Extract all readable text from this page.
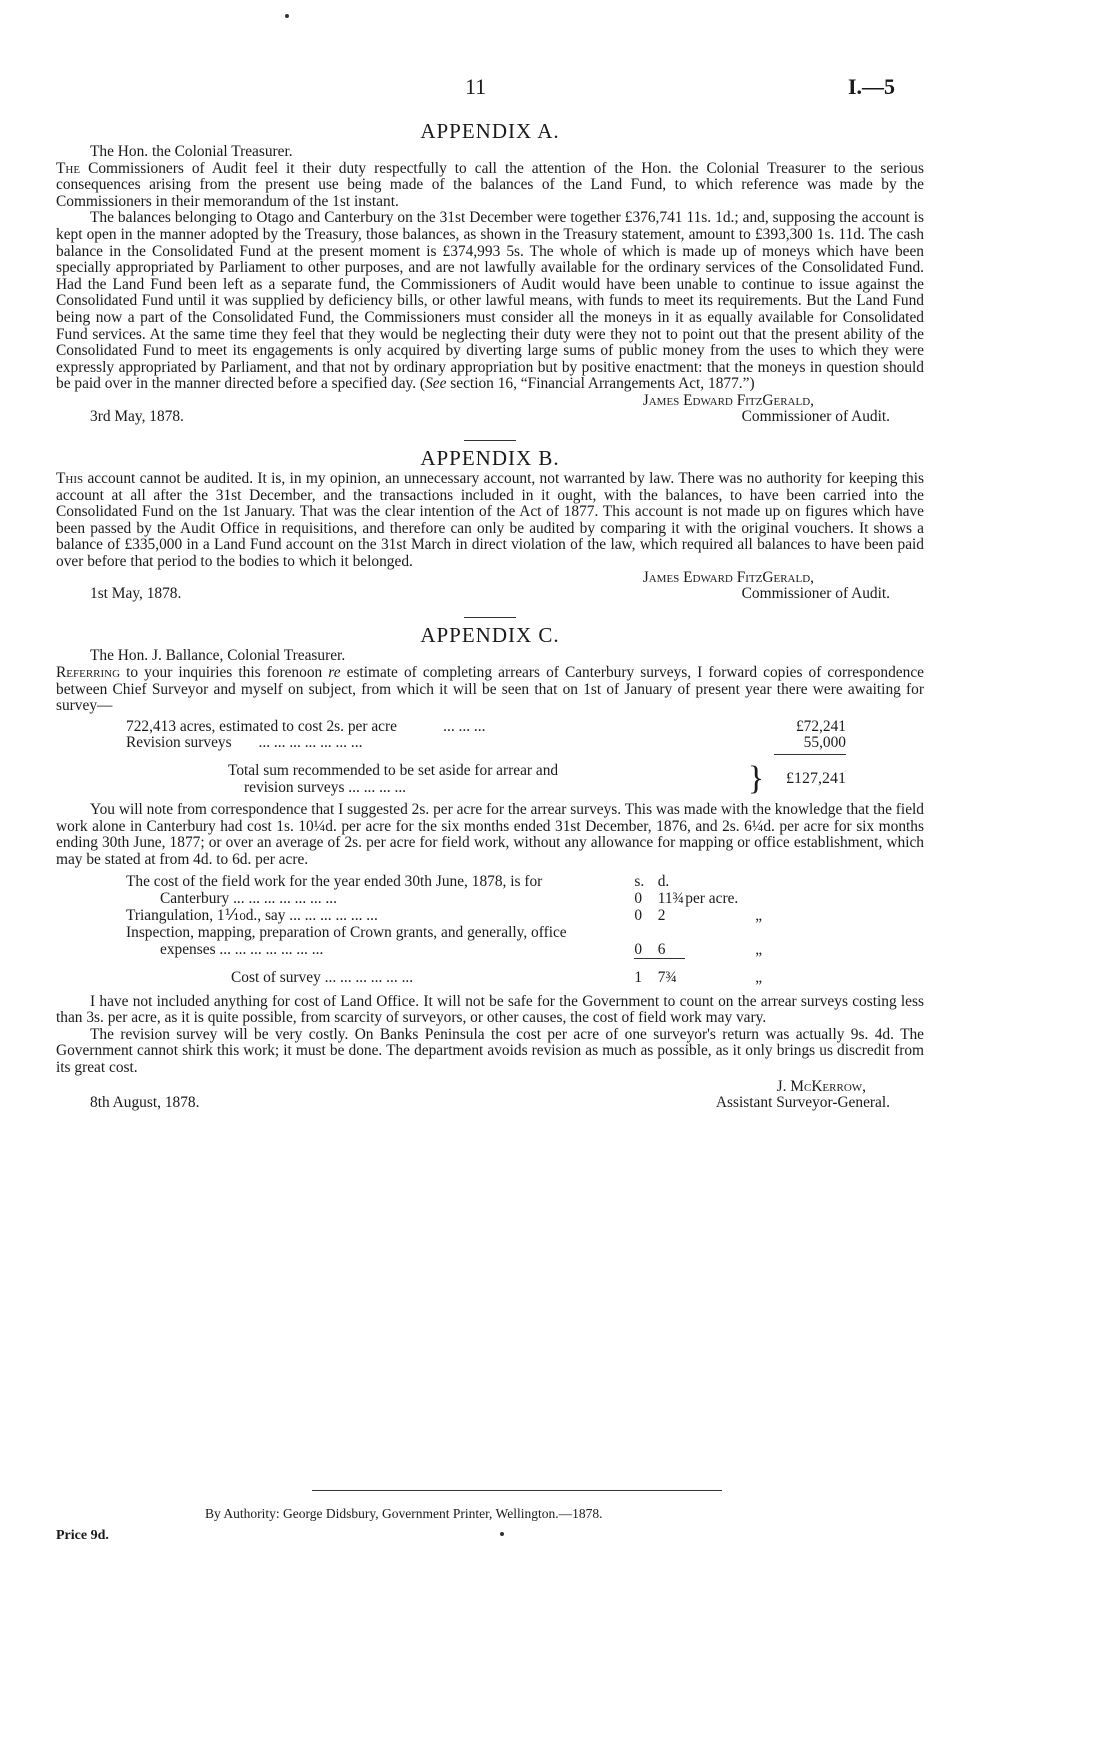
11	I.—5
APPENDIX A.

The Hon. the Colonial Treasurer.

The Commissioners of Audit feel it their duty respectfully to call the attention of the Hon. the Colonial Treasurer to the serious consequences arising from the present use being made of the balances of the Land Fund, to which reference was made by the Commissioners in their memorandum of the 1st instant.

The balances belonging to Otago and Canterbury on the 31st December were together £376,741 11s. 1d.; and, supposing the account is kept open in the manner adopted by the Treasury, those balances, as shown in the Treasury statement, amount to £393,300 1s. 11d. The cash balance in the Consolidated Fund at the present moment is £374,993 5s. The whole of which is made up of moneys which have been specially appropriated by Parliament to other purposes, and are not lawfully available for the ordinary services of the Consolidated Fund. Had the Land Fund been left as a separate fund, the Commissioners of Audit would have been unable to continue to issue against the Consolidated Fund until it was supplied by deficiency bills, or other lawful means, with funds to meet its requirements. But the Land Fund being now a part of the Consolidated Fund, the Commissioners must consider all the moneys in it as equally available for Consolidated Fund services. At the same time they feel that they would be neglecting their duty were they not to point out that the present ability of the Consolidated Fund to meet its engagements is only acquired by diverting large sums of public money from the uses to which they were expressly appropriated by Parliament, and that not by ordinary appropriation but by positive enactment: that the moneys in question should be paid over in the manner directed before a specified day. (See section 16, “Financial Arrangements Act, 1877.”)

James Edward FitzGerald,
3rd May, 1878.	Commissioner of Audit.
APPENDIX B.

This account cannot be audited. It is, in my opinion, an unnecessary account, not warranted by law. There was no authority for keeping this account at all after the 31st December, and the transactions included in it ought, with the balances, to have been carried into the Consolidated Fund on the 1st January. That was the clear intention of the Act of 1877. This account is not made up on figures which have been passed by the Audit Office in requisitions, and therefore can only be audited by comparing it with the original vouchers. It shows a balance of £335,000 in a Land Fund account on the 31st March in direct violation of the law, which required all balances to have been paid over before that period to the bodies to which it belonged.

James Edward FitzGerald,
1st May, 1878.	Commissioner of Audit.
APPENDIX C.

The Hon. J. Ballance, Colonial Treasurer.

Referring to your inquiries this forenoon re estimate of completing arrears of Canterbury surveys, I forward copies of correspondence between Chief Surveyor and myself on subject, from which it will be seen that on 1st of January of present year there were awaiting for survey—

722,413 acres, estimated to cost 2s. per acre	... ... ...	£72,241
Revision surveys ... ... ... ... ... ... ...	55,000
Total sum recommended to be set aside for arrear and
revision surveys ... ... ... ...	}	£127,241

You will note from correspondence that I suggested 2s. per acre for the arrear surveys. This was made with the knowledge that the field work alone in Canterbury had cost 1s. 10¼d. per acre for the six months ended 31st December, 1876, and 2s. 6¼d. per acre for six months ending 30th June, 1877; or over an average of 2s. per acre for field work, without any allowance for mapping or office establishment, which may be stated at from 4d. to 6d. per acre.

The cost of the field work for the year ended 30th June, 1878, is for	s.	d.	
Canterbury ... ... ... ... ... ... ...	0	11¾	per acre.
Triangulation, 1⅒d., say ... ... ... ... ... ...	0	2	„
Inspection, mapping, preparation of Crown grants, and generally, office			
expenses ... ... ... ... ... ... ...	0	6	„

Cost of survey ... ... ... ... ... ...	1	7¾	„

I have not included anything for cost of Land Office. It will not be safe for the Government to count on the arrear surveys costing less than 3s. per acre, as it is quite possible, from scarcity of surveyors, or other causes, the cost of field work may vary.

The revision survey will be very costly. On Banks Peninsula the cost per acre of one surveyor's return was actually 9s. 4d. The Government cannot shirk this work; it must be done. The department avoids revision as much as possible, as it only brings us discredit from its great cost.

J. McKerrow,
8th August, 1878.	Assistant Surveyor-General.
By Authority: George Didsbury, Government Printer, Wellington.—1878.
Price 9d.
